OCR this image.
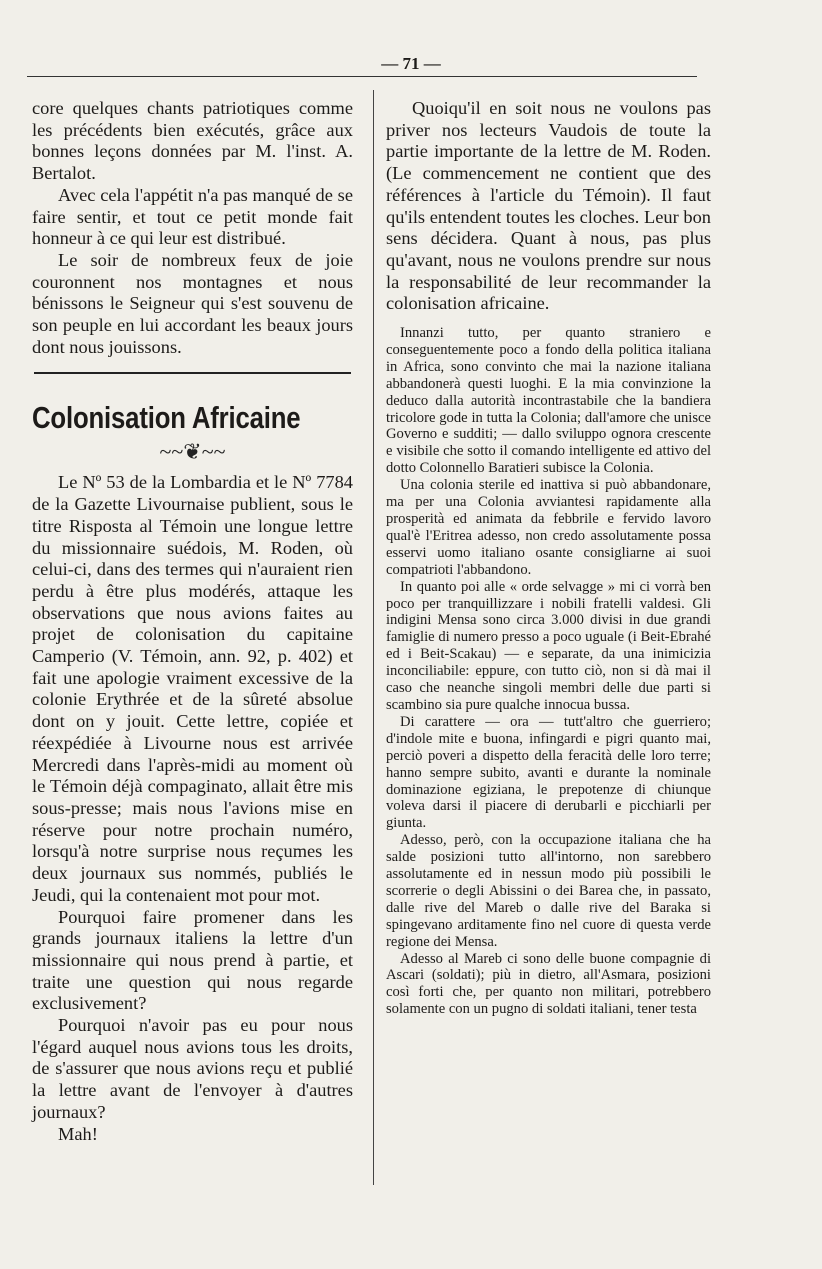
— 71 —

core quelques chants patriotiques comme les précédents bien exécutés, grâce aux bonnes leçons données par M. l'inst. A. Bertalot.

Avec cela l'appétit n'a pas manqué de se faire sentir, et tout ce petit monde fait honneur à ce qui leur est distribué.

Le soir de nombreux feux de joie couronnent nos montagnes et nous bénissons le Seigneur qui s'est souvenu de son peuple en lui accordant les beaux jours dont nous jouissons.

Colonisation Africaine
~~❦~~

Le Nº 53 de la Lombardia et le Nº 7784 de la Gazette Livournaise publient, sous le titre Risposta al Témoin une longue lettre du missionnaire suédois, M. Roden, où celui-ci, dans des termes qui n'auraient rien perdu à être plus modérés, attaque les observations que nous avions faites au projet de colonisation du capitaine Camperio (V. Témoin, ann. 92, p. 402) et fait une apologie vraiment excessive de la colonie Erythrée et de la sûreté absolue dont on y jouit. Cette lettre, copiée et réexpédiée à Livourne nous est arrivée Mercredi dans l'après-midi au moment où le Témoin déjà compaginato, allait être mis sous-presse; mais nous l'avions mise en réserve pour notre prochain numéro, lorsqu'à notre surprise nous reçumes les deux journaux sus nommés, publiés le Jeudi, qui la contenaient mot pour mot.

Pourquoi faire promener dans les grands journaux italiens la lettre d'un missionnaire qui nous prend à partie, et traite une question qui nous regarde exclusivement?

Pourquoi n'avoir pas eu pour nous l'égard auquel nous avions tous les droits, de s'assurer que nous avions reçu et publié la lettre avant de l'envoyer à d'autres journaux?

Mah!

Quoiqu'il en soit nous ne voulons pas priver nos lecteurs Vaudois de toute la partie importante de la lettre de M. Roden. (Le commencement ne contient que des références à l'article du Témoin). Il faut qu'ils entendent toutes les cloches. Leur bon sens décidera. Quant à nous, pas plus qu'avant, nous ne voulons prendre sur nous la responsabilité de leur recommander la colonisation africaine.

Innanzi tutto, per quanto straniero e conseguentemente poco a fondo della politica italiana in Africa, sono convinto che mai la nazione italiana abbandonerà questi luoghi. E la mia convinzione la deduco dalla autorità incontrastabile che la bandiera tricolore gode in tutta la Colonia; dall'amore che unisce Governo e sudditi; — dallo sviluppo ognora crescente e visibile che sotto il comando intelligente ed attivo del dotto Colonnello Baratieri subisce la Colonia.

Una colonia sterile ed inattiva si può abbandonare, ma per una Colonia avviantesi rapidamente alla prosperità ed animata da febbrile e fervido lavoro qual'è l'Eritrea adesso, non credo assolutamente possa esservi uomo italiano osante consigliarne ai suoi compatrioti l'abbandono.

In quanto poi alle « orde selvagge » mi ci vorrà ben poco per tranquillizzare i nobili fratelli valdesi. Gli indigini Mensa sono circa 3.000 divisi in due grandi famiglie di numero presso a poco uguale (i Beit-Ebrahé ed i Beit-Scakau) — e separate, da una inimicizia inconciliabile: eppure, con tutto ciò, non si dà mai il caso che neanche singoli membri delle due parti si scambino sia pure qualche innocua bussa.

Di carattere — ora — tutt'altro che guerriero; d'indole mite e buona, infingardi e pigri quanto mai, perciò poveri a dispetto della feracità delle loro terre; hanno sempre subito, avanti e durante la nominale dominazione egiziana, le prepotenze di chiunque voleva darsi il piacere di derubarli e picchiarli per giunta.

Adesso, però, con la occupazione italiana che ha salde posizioni tutto all'intorno, non sarebbero assolutamente ed in nessun modo più possibili le scorrerie o degli Abissini o dei Barea che, in passato, dalle rive del Mareb o dalle rive del Baraka si spingevano arditamente fino nel cuore di questa verde regione dei Mensa.

Adesso al Mareb ci sono delle buone compagnie di Ascari (soldati); più in dietro, all'Asmara, posizioni così forti che, per quanto non militari, potrebbero solamente con un pugno di soldati italiani, tener testa
